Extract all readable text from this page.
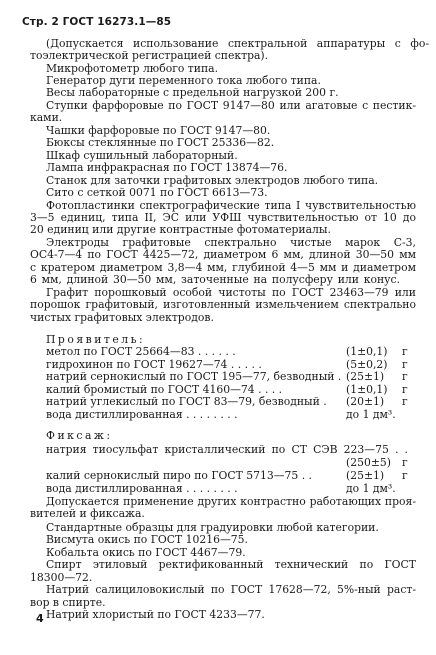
Стр. 2 ГОСТ 16273.1—85
(Допускается использование спектральной аппаратуры с фо-
тоэлектрической регистрацией спектра).
Микрофотометр любого типа.
Генератор дуги переменного тока любого типа.
Весы лабораторные с предельной нагрузкой 200 г.
Ступки фарфоровые по ГОСТ 9147—80 или агатовые с пестик-
ками.
Чашки фарфоровые по ГОСТ 9147—80.
Бюксы стеклянные по ГОСТ 25336—82.
Шкаф сушильный лабораторный.
Лампа инфракрасная по ГОСТ 13874—76.
Станок для заточки графитовых электродов любого типа.
Сито с сеткой 0071 по ГОСТ 6613—73.
Фотопластинки спектрографические типа I чувствительностью
3—5 единиц, типа II, ЭС или УФШ чувствительностью от 10 до
20 единиц или другие контрастные фотоматериалы.
Электроды графитовые спектрально чистые марок С-3,
ОС4-7—4 по ГОСТ 4425—72, диаметром 6 мм, длиной 30—50 мм
с кратером диаметром 3,8—4 мм, глубиной 4—5 мм и диаметром
6 мм, длиной 30—50 мм, заточенные на полусферу или конус.
Графит порошковый особой чистоты по ГОСТ 23463—79 или
порошок графитовый, изготовленный измельчением спектрально
чистых графитовых электродов.
Проявитель:
метол по ГОСТ 25664—83 . . . . . .	(1±0,1) г
гидрохинон по ГОСТ 19627—74 . . . . .	(5±0,2) г
натрий сернокислый по ГОСТ 195—77, безводный . (25±1) г
калий бромистый по ГОСТ 4160—74 . . . .	(1±0,1) г
натрий углекислый по ГОСТ 83—79, безводный . (20±1) г
вода дистиллированная . . . . . . . .	до 1 дм³.
Фиксаж:
натрия тиосульфат кристаллический по СТ СЭВ 223—75 . .
(250±5) г
калий сернокислый пиро по ГОСТ 5713—75 . .	(25±1) г
вода дистиллированная . . . . . . . .	до 1 дм³.
Допускается применение других контрастно работающих проя-
вителей и фиксажа.
Стандартные образцы для градуировки любой категории.
Висмута окись по ГОСТ 10216—75.
Кобальта окись по ГОСТ 4467—79.
Спирт этиловый ректификованный технический по ГОСТ
18300—72.
Натрий салициловокислый по ГОСТ 17628—72, 5%-ный раст-
вор в спирте.
Натрий хлористый по ГОСТ 4233—77.
4
